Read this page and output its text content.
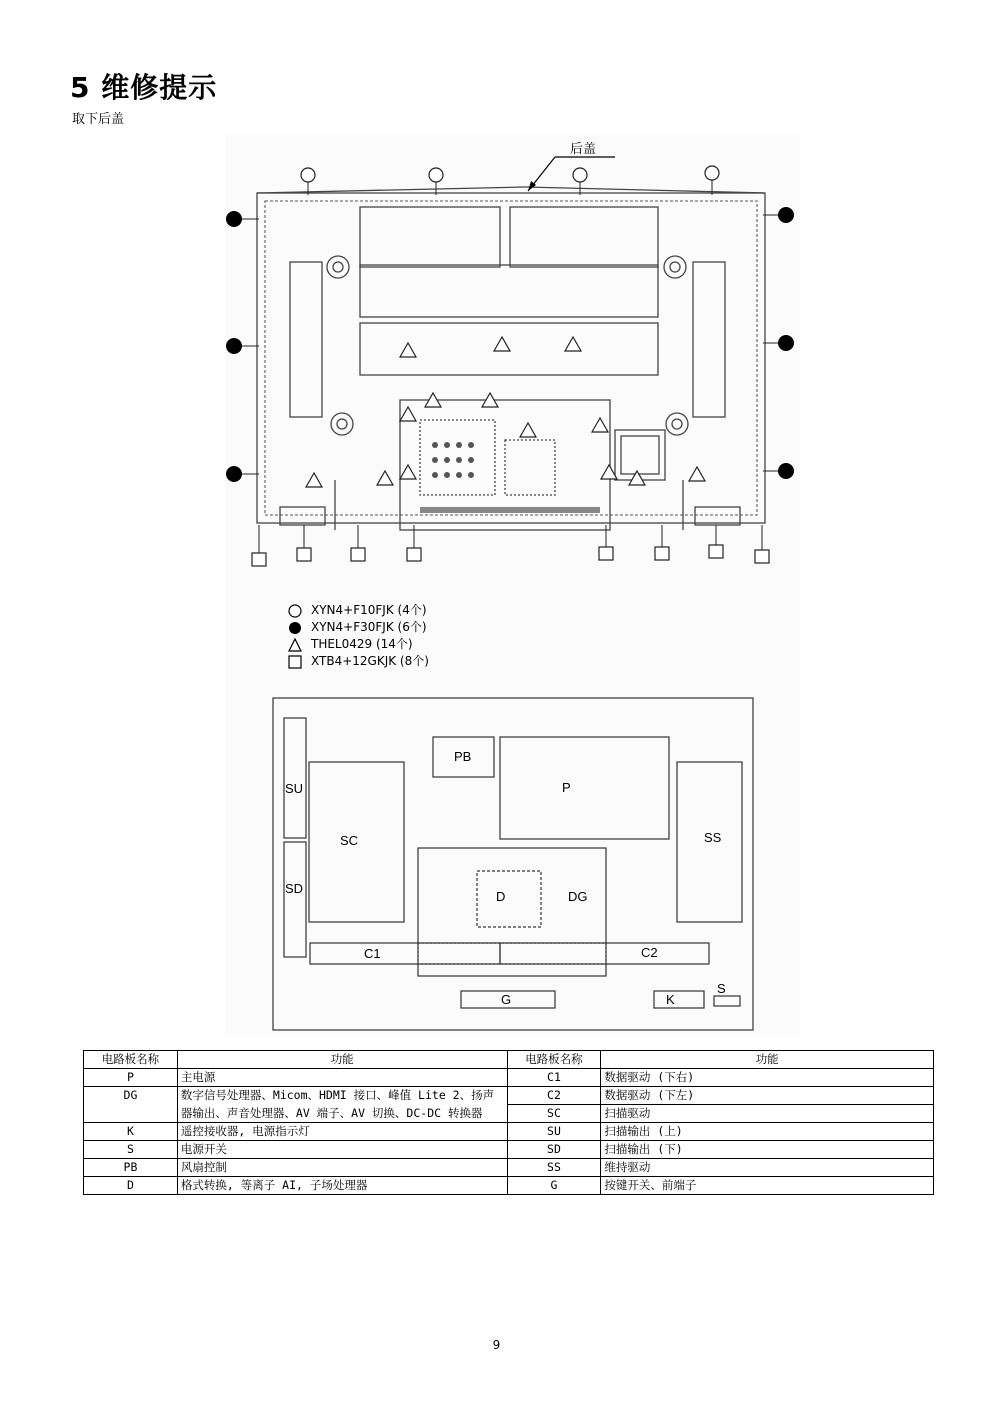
5 维修提示
取下后盖
后盖
SU
SD
SC
PB
P
D	DG
SS
C1	C2
G	K
S
XYN4+F10FJK (4个)
XYN4+F30FJK (6个)
THEL0429 (14个)
XTB4+12GKJK (8个)
电路板名称	功能	电路板名称	功能
P	主电源	C1	数据驱动 (下右)
DG	数字信号处理器、Micom、HDMI 接口、峰值 Lite 2、扬声	C2	数据驱动 (下左)
	器输出、声音处理器、AV 端子、AV 切换、DC-DC 转换器	SC	扫描驱动
K	遥控接收器, 电源指示灯	SU	扫描输出 (上)
S	电源开关	SD	扫描输出 (下)
PB	风扇控制	SS	维持驱动
D	格式转换, 等离子 AI, 子场处理器	G	按键开关、前端子
9
